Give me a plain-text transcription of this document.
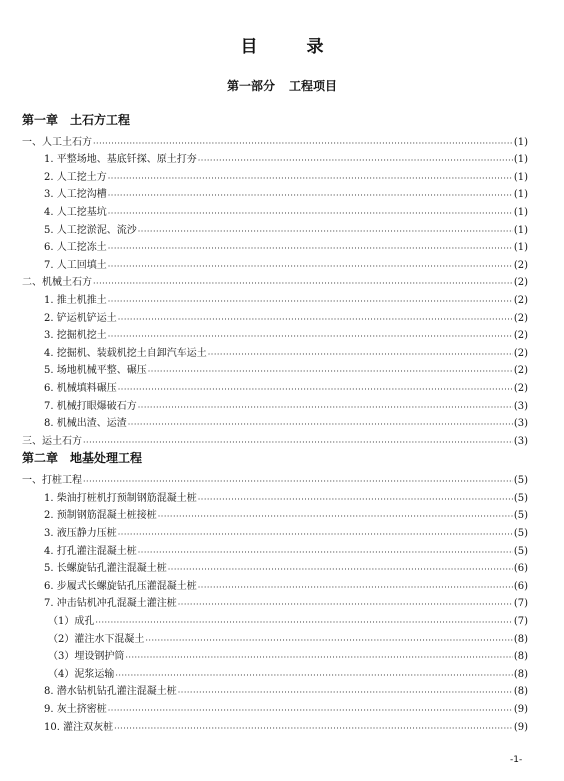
目　录
第一部分 工程项目
第一章　土石方工程
一、人工土石方 ·····	(1)
1. 平整场地、基底钎探、原土打夯 ·····	(1)
2. 人工挖土方 ·····	(1)
3. 人工挖沟槽 ·····	(1)
4. 人工挖基坑 ·····	(1)
5. 人工挖淤泥、流沙 ·····	(1)
6. 人工挖冻土 ·····	(1)
7. 人工回填土 ·····	(2)
二、机械土石方 ·····	(2)
1. 推土机推土 ·····	(2)
2. 铲运机铲运土 ·····	(2)
3. 挖掘机挖土 ·····	(2)
4. 挖掘机、装载机挖土自卸汽车运土 ·····	(2)
5. 场地机械平整、碾压 ·····	(2)
6. 机械填料碾压 ·····	(2)
7. 机械打眼爆破石方 ·····	(3)
8. 机械出渣、运渣 ·····	(3)
三、运土石方 ·····	(3)
第二章　地基处理工程
一、打桩工程 ·····	(5)
1. 柴油打桩机打预制钢筋混凝土桩 ·····	(5)
2. 预制钢筋混凝土桩接桩 ·····	(5)
3. 液压静力压桩 ·····	(5)
4. 打孔灌注混凝土桩 ·····	(5)
5. 长螺旋钻孔灌注混凝土桩 ·····	(6)
6. 步履式长螺旋钻孔压灌混凝土桩 ·····	(6)
7. 冲击钻机冲孔混凝土灌注桩 ·····	(7)
（1）成孔 ·····	(7)
（2）灌注水下混凝土 ·····	(8)
（3）埋设钢护筒 ·····	(8)
（4）泥浆运输 ·····	(8)
8. 潜水钻机钻孔灌注混凝土桩 ·····	(8)
9. 灰土挤密桩 ·····	(9)
10. 灌注双灰桩 ·····	(9)
-1-
